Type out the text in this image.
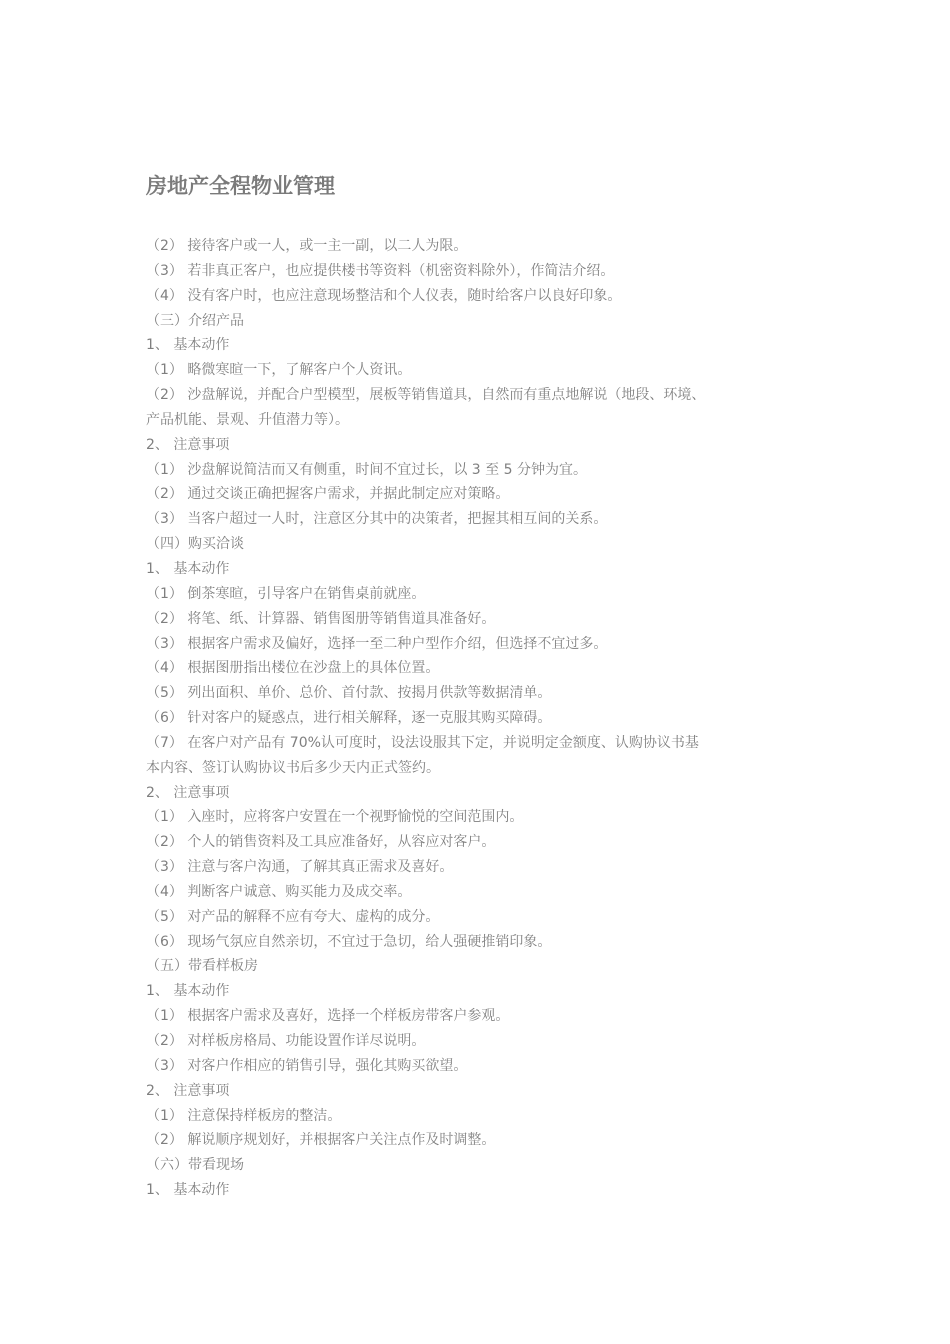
房地产全程物业管理
（2） 接待客户或一人，或一主一副，以二人为限。
（3） 若非真正客户，也应提供楼书等资料（机密资料除外），作简洁介绍。
（4） 没有客户时，也应注意现场整洁和个人仪表，随时给客户以良好印象。
（三）介绍产品
1、 基本动作
（1） 略微寒暄一下，了解客户个人资讯。
（2） 沙盘解说，并配合户型模型，展板等销售道具，自然而有重点地解说（地段、环境、
产品机能、景观、升值潜力等）。
2、 注意事项
（1） 沙盘解说简洁而又有侧重，时间不宜过长，以 3 至 5 分钟为宜。
（2） 通过交谈正确把握客户需求，并据此制定应对策略。
（3） 当客户超过一人时，注意区分其中的决策者，把握其相互间的关系。
（四）购买洽谈
1、 基本动作
（1） 倒茶寒暄，引导客户在销售桌前就座。
（2） 将笔、纸、计算器、销售图册等销售道具准备好。
（3） 根据客户需求及偏好，选择一至二种户型作介绍，但选择不宜过多。
（4） 根据图册指出楼位在沙盘上的具体位置。
（5） 列出面积、单价、总价、首付款、按揭月供款等数据清单。
（6） 针对客户的疑惑点，进行相关解释，逐一克服其购买障碍。
（7） 在客户对产品有 70%认可度时，设法设服其下定，并说明定金额度、认购协议书基
本内容、签订认购协议书后多少天内正式签约。
2、 注意事项
（1） 入座时，应将客户安置在一个视野愉悦的空间范围内。
（2） 个人的销售资料及工具应准备好，从容应对客户。
（3） 注意与客户沟通，了解其真正需求及喜好。
（4） 判断客户诚意、购买能力及成交率。
（5） 对产品的解释不应有夸大、虚构的成分。
（6） 现场气氛应自然亲切，不宜过于急切，给人强硬推销印象。
（五）带看样板房
1、 基本动作
（1） 根据客户需求及喜好，选择一个样板房带客户参观。
（2） 对样板房格局、功能设置作详尽说明。
（3） 对客户作相应的销售引导，强化其购买欲望。
2、 注意事项
（1） 注意保持样板房的整洁。
（2） 解说顺序规划好，并根据客户关注点作及时调整。
（六）带看现场
1、 基本动作
